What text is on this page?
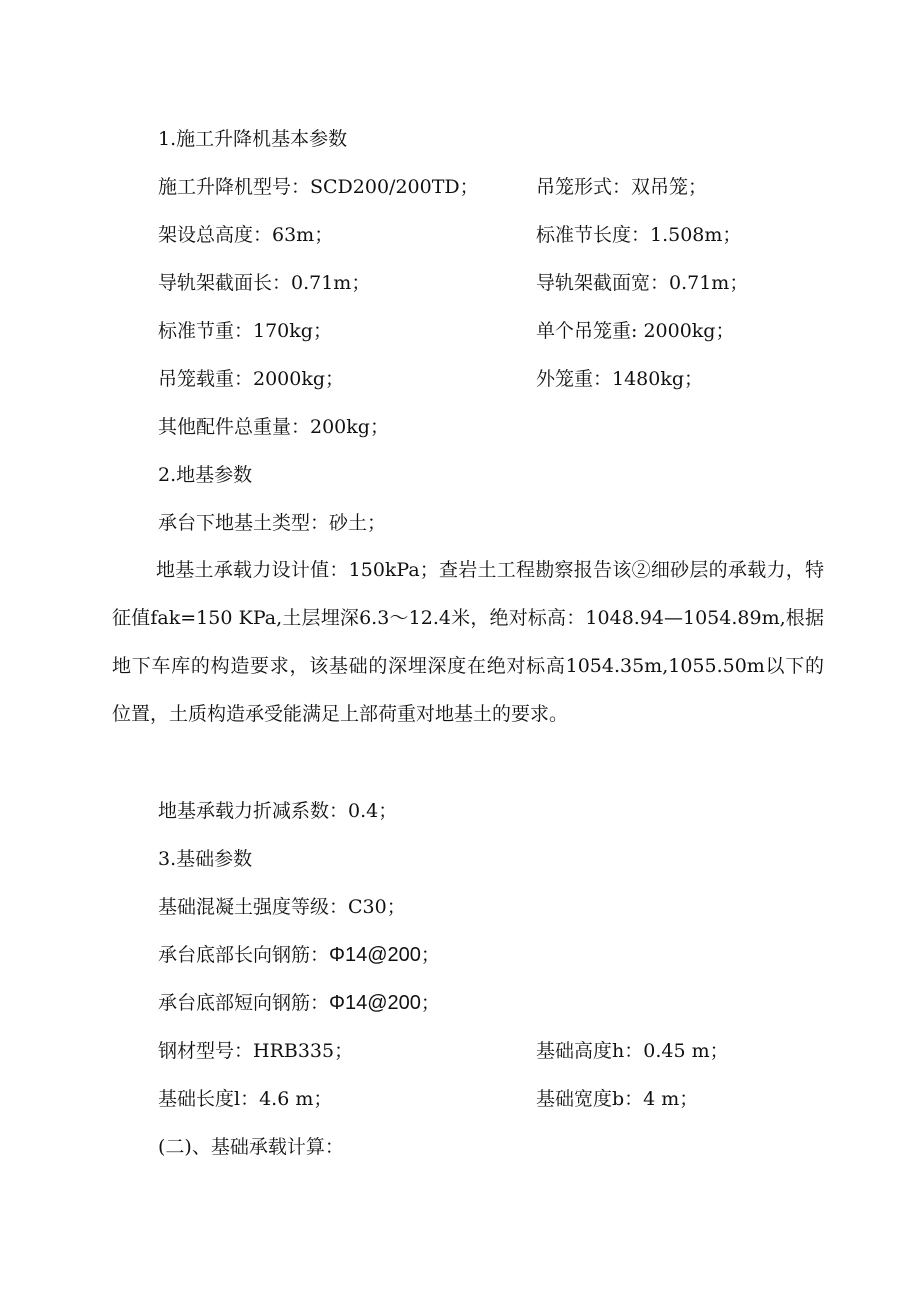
1.施工升降机基本参数
施工升降机型号：SCD200/200TD；	吊笼形式：双吊笼；
架设总高度：63m；	标准节长度：1.508m；
导轨架截面长：0.71m；	导轨架截面宽：0.71m；
标准节重：170kg；	单个吊笼重: 2000kg；
吊笼载重：2000kg；	外笼重：1480kg；
其他配件总重量：200kg；
2.地基参数
承台下地基土类型：砂土；
地基土承载力设计值：150kPa；查岩土工程勘察报告该②细砂层的承载力，特征值fak=150 KPa,土层埋深6.3～12.4米，绝对标高：1048.94—1054.89m,根据地下车库的构造要求，该基础的深埋深度在绝对标高1054.35m,1055.50m以下的位置，土质构造承受能满足上部荷重对地基土的要求。
地基承载力折减系数：0.4；
3.基础参数
基础混凝土强度等级：C30；
承台底部长向钢筋：Φ14@200；
承台底部短向钢筋：Φ14@200；
钢材型号：HRB335；	基础高度h：0.45 m；
基础长度l：4.6 m；	基础宽度b：4 m；
(二)、基础承载计算：
